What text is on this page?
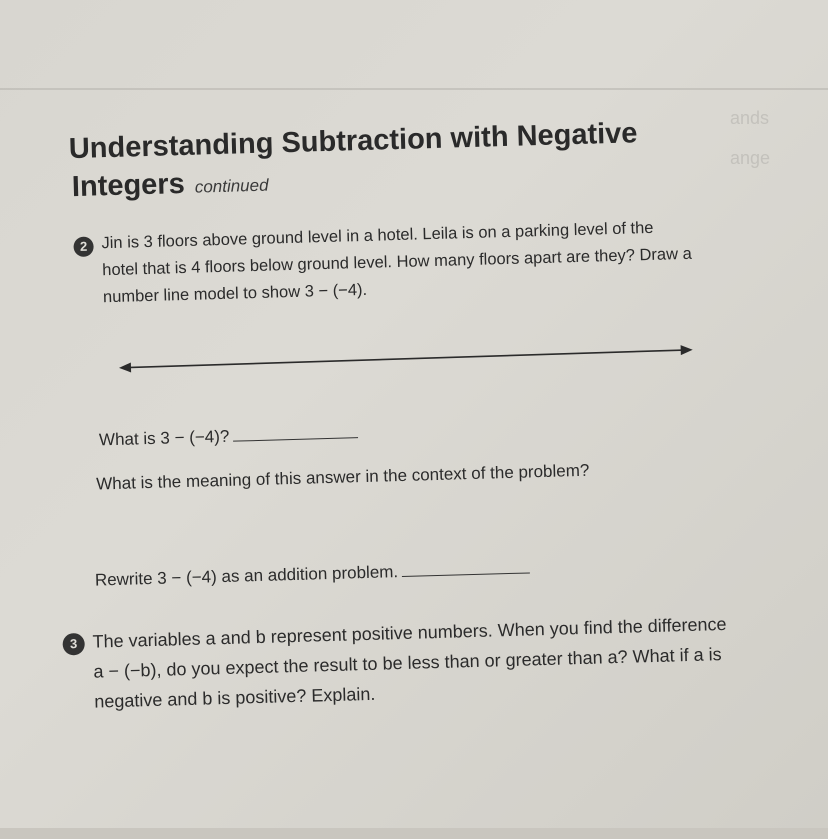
ands
ange
Understanding Subtraction with Negative
Integers continued
2 Jin is 3 floors above ground level in a hotel. Leila is on a parking level of the
hotel that is 4 floors below ground level. How many floors apart are they? Draw a
number line model to show 3 − (−4).
What is 3 − (−4)?
What is the meaning of this answer in the context of the problem?
Rewrite 3 − (−4) as an addition problem.
3 The variables a and b represent positive numbers. When you find the difference
a − (−b), do you expect the result to be less than or greater than a? What if a is
negative and b is positive? Explain.
